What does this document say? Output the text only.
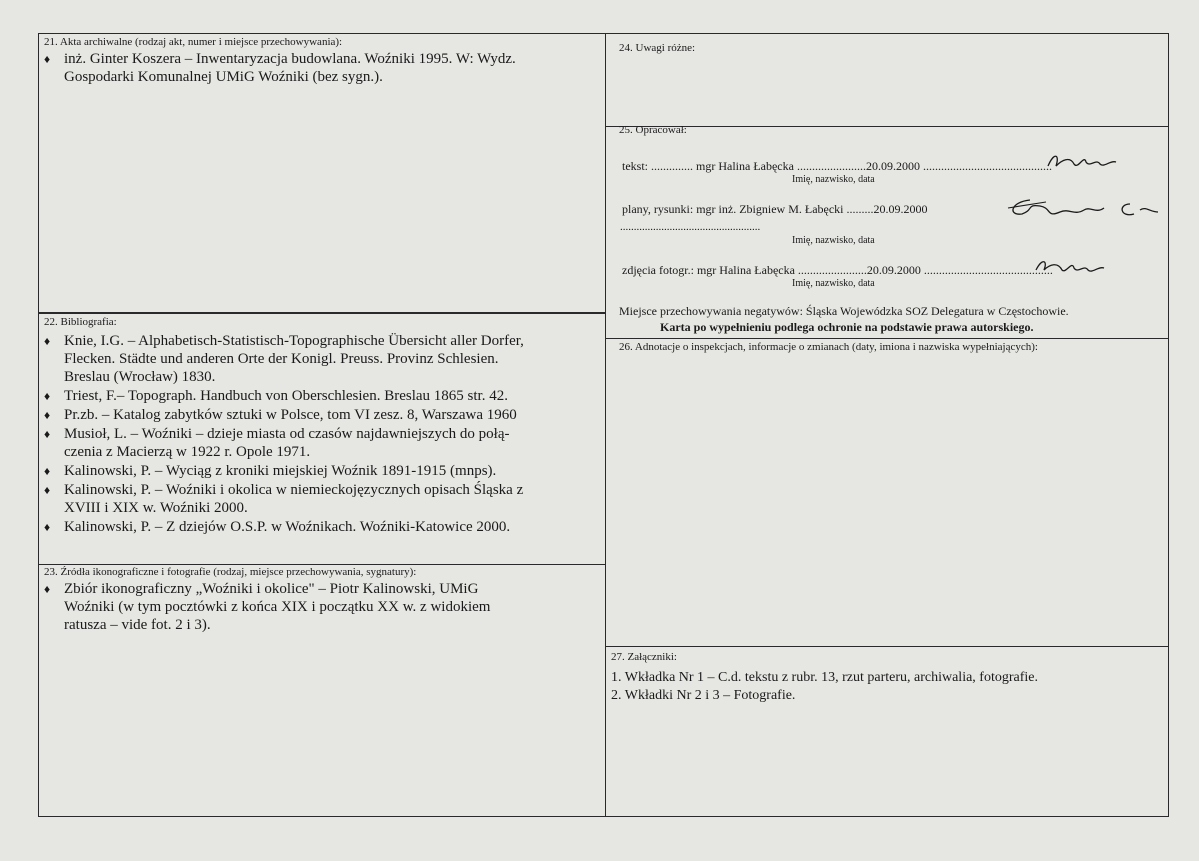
21. Akta archiwalne (rodzaj akt, numer i miejsce przechowywania):
♦ inż. Ginter Koszera – Inwentaryzacja budowlana. Woźniki 1995. W: Wydz.
Gospodarki Komunalnej UMiG Woźniki (bez sygn.).
22. Bibliografia:
♦ Knie, I.G. – Alphabetisch-Statistisch-Topographische Übersicht aller Dorfer,
Flecken. Städte und anderen Orte der Konigl. Preuss. Provinz Schlesien.
Breslau (Wrocław) 1830.
♦ Triest, F.– Topograph. Handbuch von Oberschlesien. Breslau 1865 str. 42.
♦ Pr.zb. – Katalog zabytków sztuki w Polsce, tom VI zesz. 8, Warszawa 1960
♦ Musioł, L. – Woźniki – dzieje miasta od czasów najdawniejszych do połą-
czenia z Macierzą w 1922 r. Opole 1971.
♦ Kalinowski, P. – Wyciąg z kroniki miejskiej Woźnik 1891-1915 (mnps).
♦ Kalinowski, P. – Woźniki i okolica w niemieckojęzycznych opisach Śląska z
XVIII i XIX w. Woźniki 2000.
♦ Kalinowski, P. – Z dziejów O.S.P. w Woźnikach. Woźniki-Katowice 2000.
23. Źródła ikonograficzne i fotografie (rodzaj, miejsce przechowywania, sygnatury):
♦ Zbiór ikonograficzny „Woźniki i okolice" – Piotr Kalinowski, UMiG
Woźniki (w tym pocztówki z końca XIX i początku XX w. z widokiem
ratusza – vide fot. 2 i 3).
24. Uwagi różne:
25. Opracował:
tekst: .............. mgr Halina Łabęcka .......................20.09.2000 ...........................................
Imię, nazwisko, data
plany, rysunki: mgr inż. Zbigniew M. Łabęcki .........20.09.2000
...................................................
Imię, nazwisko, data
zdjęcia fotogr.: mgr Halina Łabęcka .......................20.09.2000 ...........................................
Imię, nazwisko, data
Miejsce przechowywania negatywów: Śląska Wojewódzka SOZ Delegatura w Częstochowie.
Karta po wypełnieniu podlega ochronie na podstawie prawa autorskiego.
26. Adnotacje o inspekcjach, informacje o zmianach (daty, imiona i nazwiska wypełniających):
27. Załączniki:
1. Wkładka Nr 1 – C.d. tekstu z rubr. 13, rzut parteru, archiwalia, fotografie.
2. Wkładki Nr 2 i 3 – Fotografie.
